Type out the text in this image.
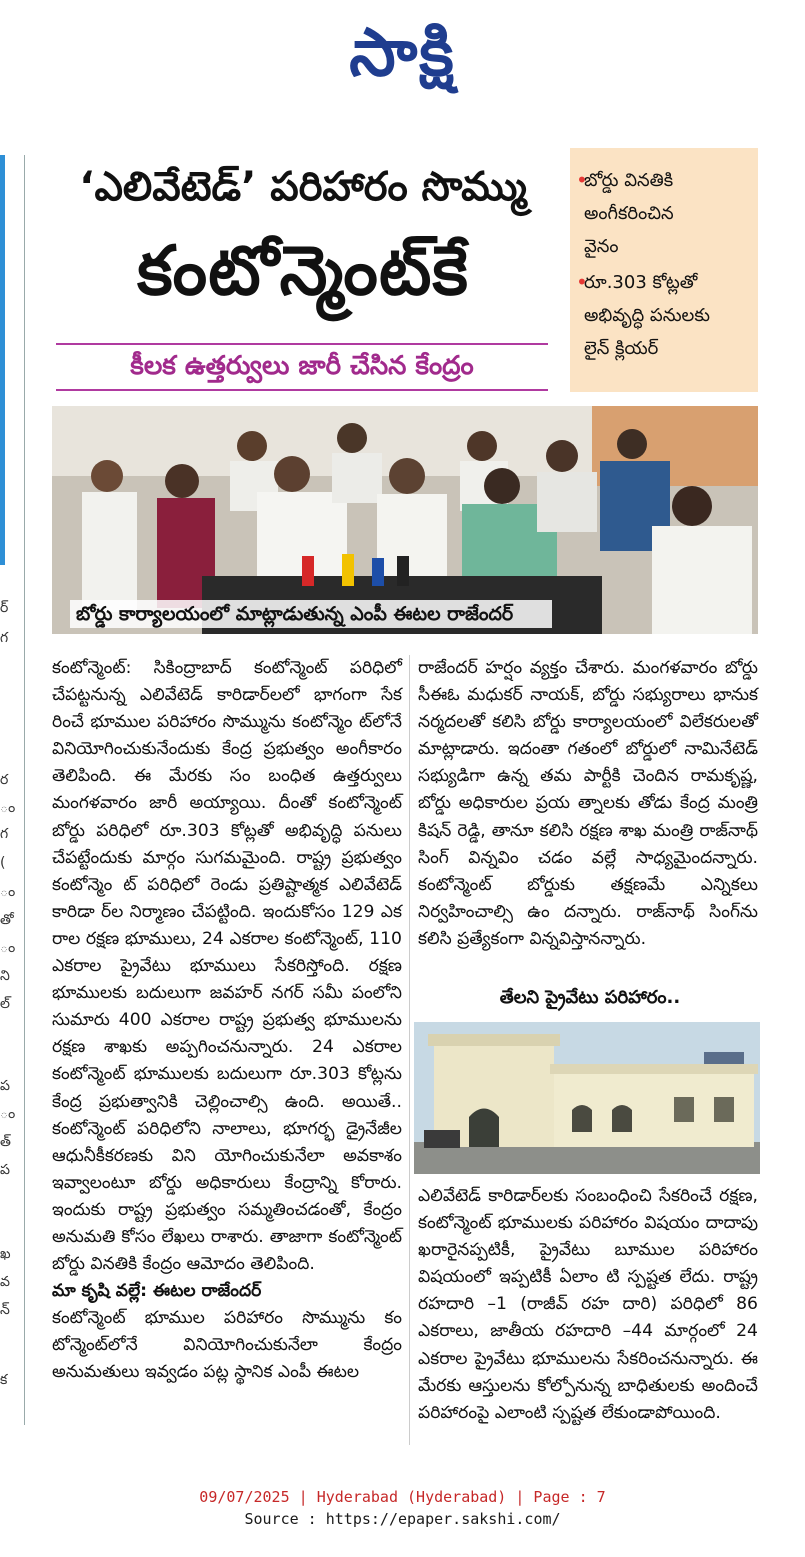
సాక్షి
ర్
గ
ర
ం
గ
(
ం
తో
ం
ని
ల్
ప
ం
త్
ప
ఖ
వ
న్
క
‘ఎలివేటెడ్’ పరిహారం సొమ్ము
కంటోన్మెంట్‌కే
కీలక ఉత్తర్వులు జారీ చేసిన కేంద్రం
•
బోర్డు వినతికి
అంగీకరించిన
వైనం
•
రూ.303 కోట్లతో
అభివృద్ధి పనులకు
లైన్ క్లియర్
బోర్డు కార్యాలయంలో మాట్లాడుతున్న ఎంపీ ఈటల రాజేందర్

కంటోన్మెంట్‌: సికింద్రాబాద్‌ కంటోన్మెంట్‌ పరిధిలో చేపట్టనున్న ఎలివేటెడ్‌ కారిడార్‌లలో భాగంగా సేక రించే భూముల పరిహారం సొమ్మును కంటోన్మెం ట్‌లోనే వినియోగించుకునేందుకు కేంద్ర ప్రభుత్వం అంగీకారం తెలిపింది. ఈ మేరకు సం బంధిత ఉత్తర్వులు మంగళవారం జారీ అయ్యాయి. దీంతో కంటోన్మెంట్‌ బోర్డు పరిధిలో రూ.303 కోట్లతో అభివృద్ధి పనులు చేపట్టేందుకు మార్గం సుగమమైంది. రాష్ట్ర ప్రభుత్వం కంటోన్మెం ట్‌ పరిధిలో రెండు ప్రతిష్టాత్మక ఎలివేటెడ్‌ కారిడా ర్‌ల నిర్మాణం చేపట్టింది. ఇందుకోసం 129 ఎక రాల రక్షణ భూములు, 24 ఎకరాల కంటోన్మెంట్‌, 110 ఎకరాల ప్రైవేటు భూములు సేకరిస్తోంది. రక్షణ భూములకు బదులుగా జవహర్‌ నగర్‌ సమీ పంలోని సుమారు 400 ఎకరాల రాష్ట్ర ప్రభుత్వ భూములను రక్షణ శాఖకు అప్పగించనున్నారు. 24 ఎకరాల కంటోన్మెంట్‌ భూములకు బదులుగా రూ.303 కోట్లను కేంద్ర ప్రభుత్వానికి చెల్లించాల్సి ఉంది. అయితే.. కంటోన్మెంట్‌ పరిధిలోని నాలాలు, భూగర్భ డ్రైనేజీల ఆధునీకీకరణకు విని యోగించుకునేలా అవకాశం ఇవ్వాలంటూ బోర్డు అధికారులు కేంద్రాన్ని కోరారు. ఇందుకు రాష్ట్ర ప్రభుత్వం సమ్మతించడంతో, కేంద్రం అనుమతి కోసం లేఖలు రాశారు. తాజాగా కంటోన్మెంట్‌ బోర్డు వినతికి కేంద్రం ఆమోదం తెలిపింది.

మా కృషి వల్లే: ఈటల రాజేందర్‌

కంటోన్మెంట్‌ భూముల పరిహారం సొమ్మును కం టోన్మెంట్‌లోనే వినియోగించుకునేలా కేంద్రం అనుమతులు ఇవ్వడం పట్ల స్థానిక ఎంపీ ఈటల

రాజేందర్‌ హర్షం వ్యక్తం చేశారు. మంగళవారం బోర్డు సీఈఓ మధుకర్‌ నాయక్‌, బోర్డు సభ్యురాలు భానుక నర్మదలతో కలిసి బోర్డు కార్యాలయంలో విలేకరులతో మాట్లాడారు. ఇదంతా గతంలో బోర్డులో నామినేటెడ్‌ సభ్యుడిగా ఉన్న తమ పార్టీకి చెందిన రామకృష్ణ, బోర్డు అధికారుల ప్రయ త్నాలకు తోడు కేంద్ర మంత్రి కిషన్‌ రెడ్డి, తానూ కలిసి రక్షణ శాఖ మంత్రి రాజ్‌నాథ్‌ సింగ్‌ విన్నవిం చడం వల్లే సాధ్యమైందన్నారు. కంటోన్మెంట్‌ బోర్డుకు తక్షణమే ఎన్నికలు నిర్వహించాల్సి ఉం దన్నారు. రాజ్‌నాథ్‌ సింగ్‌ను కలిసి ప్రత్యేకంగా విన్నవిస్తానన్నారు.

తేలని ప్రైవేటు పరిహారం..

ఎలివేటెడ్‌ కారిడార్‌లకు సంబంధించి సేకరించే రక్షణ, కంటోన్మెంట్‌ భూములకు పరిహారం విషయం దాదాపు ఖరారైనప్పటికీ, ప్రైవేటు బూముల పరిహారం విషయంలో ఇప్పటికీ ఏలాం టి స్పష్టత లేదు. రాష్ట్ర రహదారి –1 (రాజీవ్‌ రహ దారి) పరిధిలో 86 ఎకరాలు, జాతీయ రహదారి –44 మార్గంలో 24 ఎకరాల ప్రైవేటు భూములను సేకరించనున్నారు. ఈ మేరకు ఆస్తులను కోల్పోనున్న బాధితులకు అందించే పరిహారంపై ఎలాంటి స్పష్టత లేకుండాపోయింది.

09/07/2025 | Hyderabad (Hyderabad) | Page : 7
Source : https://epaper.sakshi.com/
